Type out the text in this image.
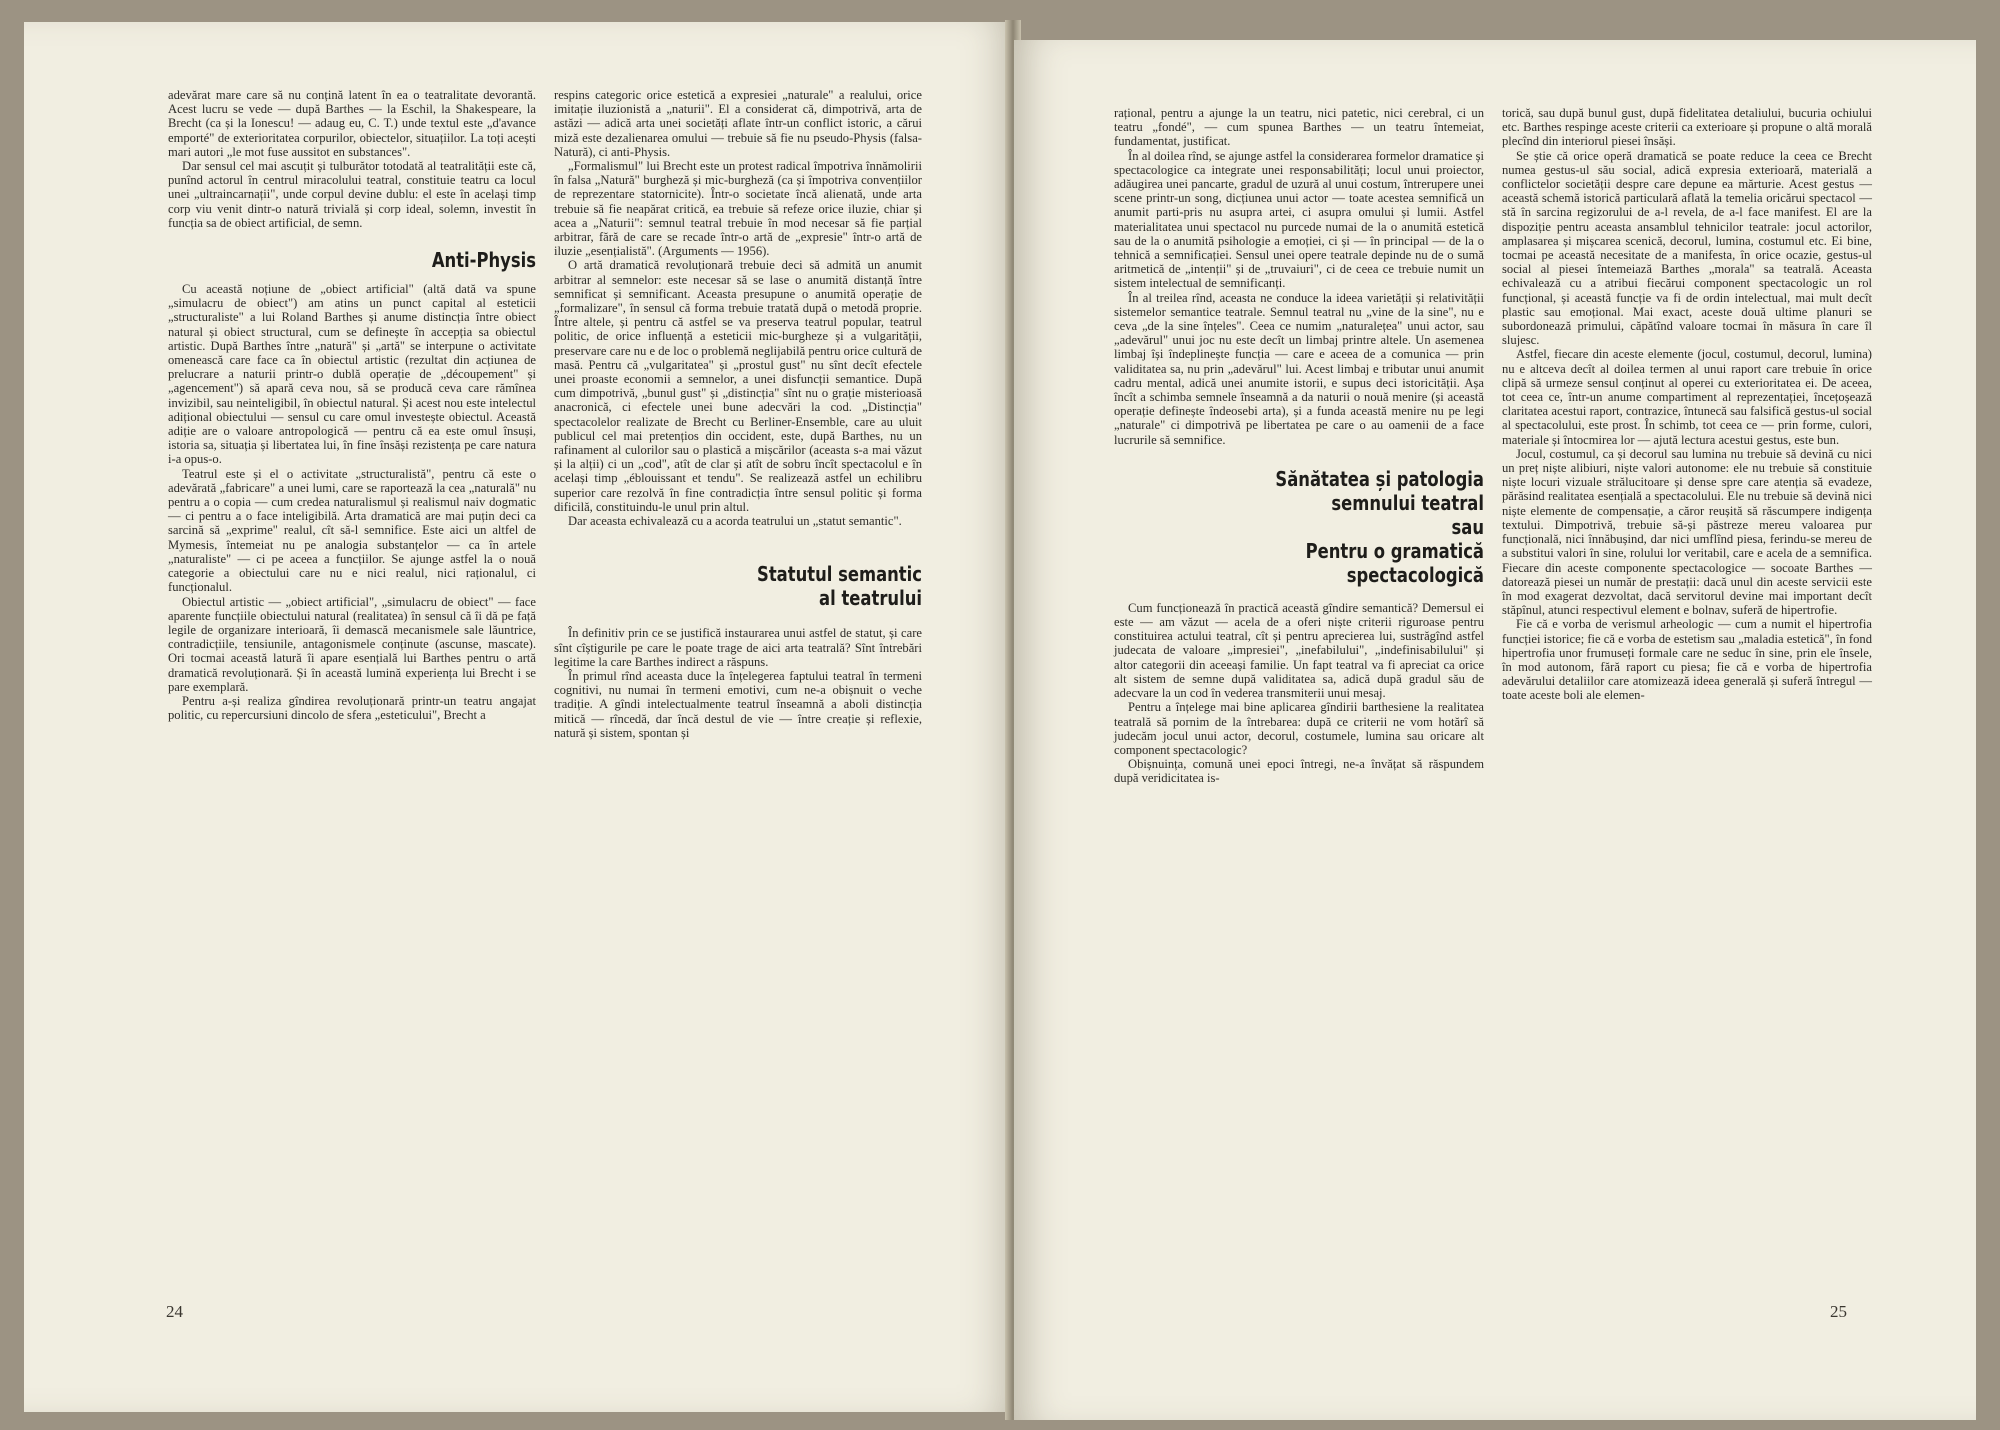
adevărat mare care să nu conțină latent în ea o teatralitate devorantă. Acest lucru se vede — după Barthes — la Eschil, la Shakespeare, la Brecht (ca și la Ionescu! — adaug eu, C. T.) unde textul este „d'avance emporté" de exterioritatea corpurilor, obiectelor, situațiilor. La toți acești mari autori „le mot fuse aussitot en substances".

Dar sensul cel mai ascuțit și tulburător totodată al teatralității este că, punînd actorul în centrul miracolului teatral, constituie teatru ca locul unei „ultraincarnații", unde corpul devine dublu: el este în același timp corp viu venit dintr-o natură trivială și corp ideal, solemn, investit în funcția sa de obiect artificial, de semn.

Anti-Physis

Cu această noțiune de „obiect artificial" (altă dată va spune „simulacru de obiect") am atins un punct capital al esteticii „structuraliste" a lui Roland Barthes și anume distincția între obiect natural și obiect structural, cum se definește în accepția sa obiectul artistic. După Barthes între „natură" și „artă" se interpune o activitate omenească care face ca în obiectul artistic (rezultat din acțiunea de prelucrare a naturii printr-o dublă operație de „découpement" și „agencement") să apară ceva nou, să se producă ceva care rămînea invizibil, sau neinteligibil, în obiectul natural. Și acest nou este intelectul adițional obiectului — sensul cu care omul investește obiectul. Această adiție are o valoare antropologică — pentru că ea este omul însuși, istoria sa, situația și libertatea lui, în fine însăși rezistența pe care natura i-a opus-o.

Teatrul este și el o activitate „structuralistă", pentru că este o adevărată „fabricare" a unei lumi, care se raportează la cea „naturală" nu pentru a o copia — cum credea naturalismul și realismul naiv dogmatic — ci pentru a o face inteligibilă. Arta dramatică are mai puțin deci ca sarcină să „exprime" realul, cît să-l semnifice. Este aici un altfel de Mymesis, întemeiat nu pe analogia substanțelor — ca în artele „naturaliste" — ci pe aceea a funcțiilor. Se ajunge astfel la o nouă categorie a obiectului care nu e nici realul, nici raționalul, ci funcționalul.

Obiectul artistic — „obiect artificial", „simulacru de obiect" — face aparente funcțiile obiectului natural (realitatea) în sensul că îi dă pe față legile de organizare interioară, îi demască mecanismele sale lăuntrice, contradicțiile, tensiunile, antagonismele conținute (ascunse, mascate). Ori tocmai această latură îi apare esențială lui Barthes pentru o artă dramatică revoluționară. Și în această lumină experiența lui Brecht i se pare exemplară.

Pentru a-și realiza gîndirea revoluționară printr-un teatru angajat politic, cu repercursiuni dincolo de sfera „esteticului", Brecht a

respins categoric orice estetică a expresiei „naturale" a realului, orice imitație iluzionistă a „naturii". El a considerat că, dimpotrivă, arta de astăzi — adică arta unei societăți aflate într-un conflict istoric, a cărui miză este dezalienarea omului — trebuie să fie nu pseudo-Physis (falsa-Natură), ci anti-Physis.

„Formalismul" lui Brecht este un protest radical împotriva înnămolirii în falsa „Natură" burgheză și mic-burgheză (ca și împotriva convențiilor de reprezentare statornicite). Într-o societate încă alienată, unde arta trebuie să fie neapărat critică, ea trebuie să refeze orice iluzie, chiar și acea a „Naturii": semnul teatral trebuie în mod necesar să fie parțial arbitrar, fără de care se recade într-o artă de „expresie" într-o artă de iluzie „esențialistă". (Arguments — 1956).

O artă dramatică revoluționară trebuie deci să admită un anumit arbitrar al semnelor: este necesar să se lase o anumită distanță între semnificat și semnificant. Aceasta presupune o anumită operație de „formalizare", în sensul că forma trebuie tratată după o metodă proprie. Între altele, și pentru că astfel se va preserva teatrul popular, teatrul politic, de orice influență a esteticii mic-burgheze și a vulgarității, preservare care nu e de loc o problemă neglijabilă pentru orice cultură de masă. Pentru că „vulgaritatea" și „prostul gust" nu sînt decît efectele unei proaste economii a semnelor, a unei disfuncții semantice. După cum dimpotrivă, „bunul gust" și „distincția" sînt nu o grație misterioasă anacronică, ci efectele unei bune adecvări la cod. „Distincția" spectacolelor realizate de Brecht cu Berliner-Ensemble, care au uluit publicul cel mai pretențios din occident, este, după Barthes, nu un rafinament al culorilor sau o plastică a mișcărilor (aceasta s-a mai văzut și la alții) ci un „cod", atît de clar și atît de sobru încît spectacolul e în același timp „éblouissant et tendu". Se realizează astfel un echilibru superior care rezolvă în fine contradicția între sensul politic și forma dificilă, constituindu-le unul prin altul.

Dar aceasta echivalează cu a acorda teatrului un „statut semantic".

Statutul semantic
al teatrului

În definitiv prin ce se justifică instaurarea unui astfel de statut, și care sînt cîștigurile pe care le poate trage de aici arta teatrală? Sînt întrebări legitime la care Barthes indirect a răspuns.

În primul rînd aceasta duce la înțelegerea faptului teatral în termeni cognitivi, nu numai în termeni emotivi, cum ne-a obișnuit o veche tradiție. A gîndi intelectualmente teatrul înseamnă a aboli distincția mitică — rîncedă, dar încă destul de vie — între creație și reflexie, natură și sistem, spontan și

24

rațional, pentru a ajunge la un teatru, nici patetic, nici cerebral, ci un teatru „fondé", — cum spunea Barthes — un teatru întemeiat, fundamentat, justificat.

În al doilea rînd, se ajunge astfel la considerarea formelor dramatice și spectacologice ca integrate unei responsabilități; locul unui proiector, adăugirea unei pancarte, gradul de uzură al unui costum, întrerupere unei scene printr-un song, dicțiunea unui actor — toate acestea semnifică un anumit parti-pris nu asupra artei, ci asupra omului și lumii. Astfel materialitatea unui spectacol nu purcede numai de la o anumită estetică sau de la o anumită psihologie a emoției, ci și — în principal — de la o tehnică a semnificației. Sensul unei opere teatrale depinde nu de o sumă aritmetică de „intenții" și de „truvaiuri", ci de ceea ce trebuie numit un sistem intelectual de semnificanți.

În al treilea rînd, aceasta ne conduce la ideea varietății și relativității sistemelor semantice teatrale. Semnul teatral nu „vine de la sine", nu e ceva „de la sine înțeles". Ceea ce numim „naturalețea" unui actor, sau „adevărul" unui joc nu este decît un limbaj printre altele. Un asemenea limbaj își îndeplinește funcția — care e aceea de a comunica — prin validitatea sa, nu prin „adevărul" lui. Acest limbaj e tributar unui anumit cadru mental, adică unei anumite istorii, e supus deci istoricității. Așa încît a schimba semnele înseamnă a da naturii o nouă menire (și această operație definește îndeosebi arta), și a funda această menire nu pe legi „naturale" ci dimpotrivă pe libertatea pe care o au oamenii de a face lucrurile să semnifice.

Sănătatea și patologia
semnului teatral
sau
Pentru o gramatică
spectacologică

Cum funcționează în practică această gîndire semantică? Demersul ei este — am văzut — acela de a oferi niște criterii riguroase pentru constituirea actului teatral, cît și pentru aprecierea lui, sustrăgînd astfel judecata de valoare „impresiei", „inefabilului", „indefinisabilului" și altor categorii din aceeași familie. Un fapt teatral va fi apreciat ca orice alt sistem de semne după validitatea sa, adică după gradul său de adecvare la un cod în vederea transmiterii unui mesaj.

Pentru a înțelege mai bine aplicarea gîndirii barthesiene la realitatea teatrală să pornim de la întrebarea: după ce criterii ne vom hotărî să judecăm jocul unui actor, decorul, costumele, lumina sau oricare alt component spectacologic?

Obișnuința, comună unei epoci întregi, ne-a învățat să răspundem după veridicitatea is-

torică, sau după bunul gust, după fidelitatea detaliului, bucuria ochiului etc. Barthes respinge aceste criterii ca exterioare și propune o altă morală plecînd din interiorul piesei însăși.

Se știe că orice operă dramatică se poate reduce la ceea ce Brecht numea gestus-ul său social, adică expresia exterioară, materială a conflictelor societății despre care depune ea mărturie. Acest gestus — această schemă istorică particulară aflată la temelia oricărui spectacol — stă în sarcina regizorului de a-l revela, de a-l face manifest. El are la dispoziție pentru aceasta ansamblul tehnicilor teatrale: jocul actorilor, amplasarea și mișcarea scenică, decorul, lumina, costumul etc. Ei bine, tocmai pe această necesitate de a manifesta, în orice ocazie, gestus-ul social al piesei întemeiază Barthes „morala" sa teatrală. Aceasta echivalează cu a atribui fiecărui component spectacologic un rol funcțional, și această funcție va fi de ordin intelectual, mai mult decît plastic sau emoțional. Mai exact, aceste două ultime planuri se subordonează primului, căpătînd valoare tocmai în măsura în care îl slujesc.

Astfel, fiecare din aceste elemente (jocul, costumul, decorul, lumina) nu e altceva decît al doilea termen al unui raport care trebuie în orice clipă să urmeze sensul conținut al operei cu exterioritatea ei. De aceea, tot ceea ce, într-un anume compartiment al reprezentației, încețoșează claritatea acestui raport, contrazice, întunecă sau falsifică gestus-ul social al spectacolului, este prost. În schimb, tot ceea ce — prin forme, culori, materiale și întocmirea lor — ajută lectura acestui gestus, este bun.

Jocul, costumul, ca și decorul sau lumina nu trebuie să devină cu nici un preț niște alibiuri, niște valori autonome: ele nu trebuie să constituie niște locuri vizuale strălucitoare și dense spre care atenția să evadeze, părăsind realitatea esențială a spectacolului. Ele nu trebuie să devină nici niște elemente de compensație, a căror reușită să răscumpere indigența textului. Dimpotrivă, trebuie să-și păstreze mereu valoarea pur funcțională, nici înnăbușind, dar nici umflînd piesa, ferindu-se mereu de a substitui valori în sine, rolului lor veritabil, care e acela de a semnifica. Fiecare din aceste componente spectacologice — socoate Barthes — datorează piesei un număr de prestații: dacă unul din aceste servicii este în mod exagerat dezvoltat, dacă servitorul devine mai important decît stăpînul, atunci respectivul element e bolnav, suferă de hipertrofie.

Fie că e vorba de verismul arheologic — cum a numit el hipertrofia funcției istorice; fie că e vorba de estetism sau „maladia estetică", în fond hipertrofia unor frumuseți formale care ne seduc în sine, prin ele însele, în mod autonom, fără raport cu piesa; fie că e vorba de hipertrofia adevărului detaliilor care atomizează ideea generală și suferă întregul — toate aceste boli ale elemen-

25
